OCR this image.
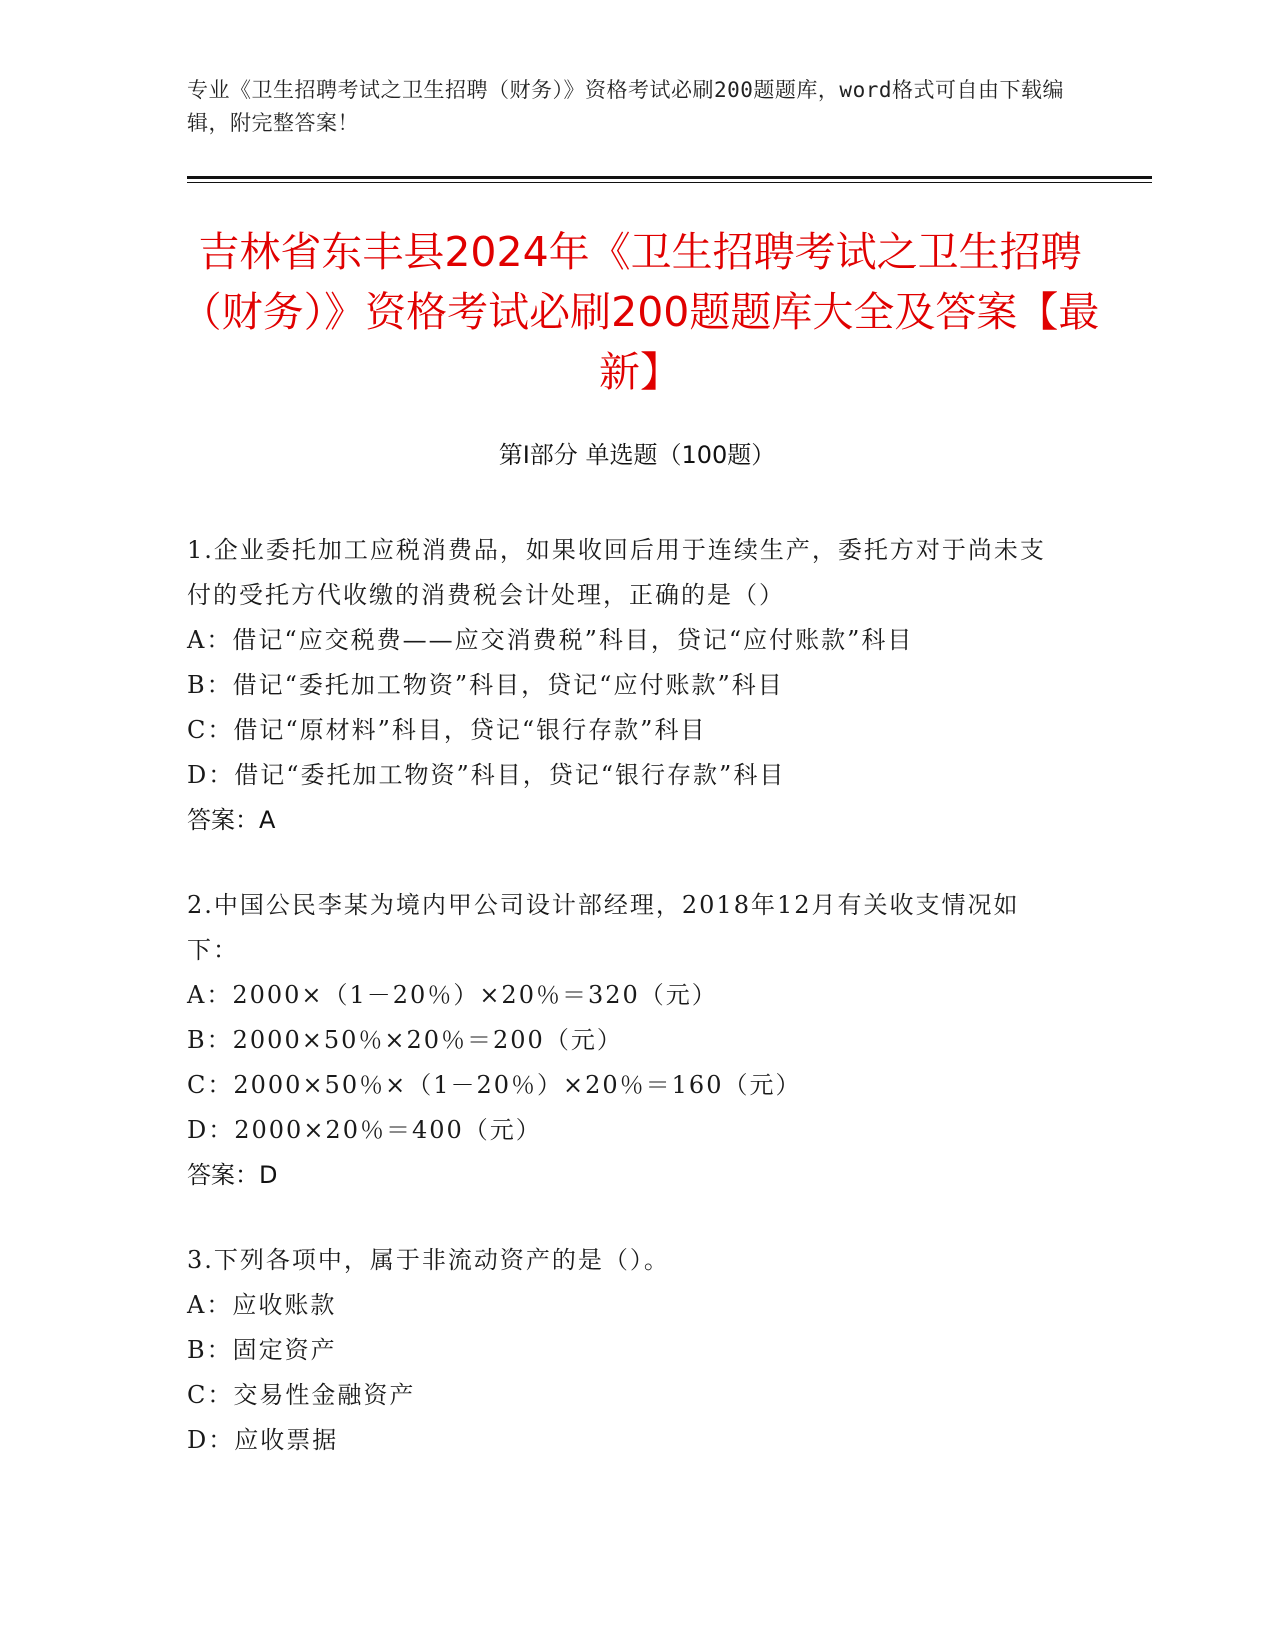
专业《卫生招聘考试之卫生招聘（财务）》资格考试必刷200题题库，word格式可自由下载编辑，附完整答案！
吉林省东丰县2024年《卫生招聘考试之卫生招聘（财务）》资格考试必刷200题题库大全及答案【最新】
第Ⅰ部分 单选题（100题）
1.企业委托加工应税消费品，如果收回后用于连续生产，委托方对于尚未支付的受托方代收缴的消费税会计处理，正确的是（）
A：借记“应交税费——应交消费税”科目，贷记“应付账款”科目
B：借记“委托加工物资”科目，贷记“应付账款”科目
C：借记“原材料”科目，贷记“银行存款”科目
D：借记“委托加工物资”科目，贷记“银行存款”科目
答案：A
2.中国公民李某为境内甲公司设计部经理，2018年12月有关收支情况如下：
A：2000×（1－20％）×20％＝320（元）
B：2000×50％×20％＝200（元）
C：2000×50％×（1－20％）×20％＝160（元）
D：2000×20％＝400（元）
答案：D
3.下列各项中，属于非流动资产的是（）。
A：应收账款
B：固定资产
C：交易性金融资产
D：应收票据
